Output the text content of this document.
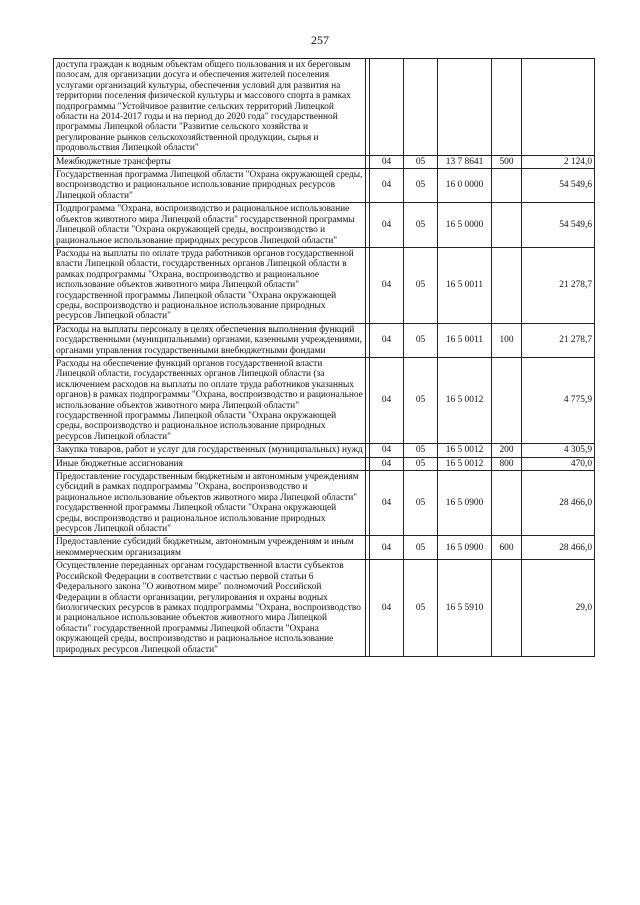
257
доступа граждан к водным объектам общего пользования и их береговым полосам, для организации досуга и обеспечения жителей поселения услугами организаций культуры, обеспечения условий для развития на территории поселения физической культуры и массового спорта в рамках подпрограммы "Устойчивое развитие сельских территорий Липецкой области на 2014-2017 годы и на период до 2020 года" государственной программы Липецкой области "Развитие сельского хозяйства и регулирование рынков сельскохозяйственной продукции, сырья и продовольствия Липецкой области"						
Межбюджетные трансферты		04	05	13 7 8641	500	2 124,0
Государственная программа Липецкой области "Охрана окружающей среды, воспроизводство и рациональное использование природных ресурсов Липецкой области"		04	05	16 0 0000		54 549,6
Подпрограмма "Охрана, воспроизводство и рациональное использование объектов животного мира Липецкой области" государственной программы Липецкой области "Охрана окружающей среды, воспроизводство и рациональное использование природных ресурсов Липецкой области"		04	05	16 5 0000		54 549,6
Расходы на выплаты по оплате труда работников органов государственной власти Липецкой области, государственных органов Липецкой области в рамках подпрограммы "Охрана, воспроизводство и рациональное использование объектов животного мира Липецкой области" государственной программы Липецкой области "Охрана окружающей среды, воспроизводство и рациональное использование природных ресурсов Липецкой области"		04	05	16 5 0011		21 278,7
Расходы на выплаты персоналу в целях обеспечения выполнения функций государственными (муниципальными) органами, казенными учреждениями, органами управления государственными внебюджетными фондами		04	05	16 5 0011	100	21 278,7
Расходы на обеспечение функций органов государственной власти Липецкой области, государственных органов Липецкой области (за исключением расходов на выплаты по оплате труда работников указанных органов) в рамках подпрограммы "Охрана, воспроизводство и рациональное использование объектов животного мира Липецкой области" государственной программы Липецкой области "Охрана окружающей среды, воспроизводство и рациональное использование природных ресурсов Липецкой области"		04	05	16 5 0012		4 775,9
Закупка товаров, работ и услуг для государственных (муниципальных) нужд		04	05	16 5 0012	200	4 305,9
Иные бюджетные ассигнования		04	05	16 5 0012	800	470,0
Предоставление государственным бюджетным и автономным учреждениям субсидий в рамках подпрограммы "Охрана, воспроизводство и рациональное использование объектов животного мира Липецкой области" государственной программы Липецкой области "Охрана окружающей среды, воспроизводство и рациональное использование природных ресурсов Липецкой области"		04	05	16 5 0900		28 466,0
Предоставление субсидий бюджетным, автономным учреждениям и иным некоммерческим организациям		04	05	16 5 0900	600	28 466,0
Осуществление переданных органам государственной власти субъектов Российской Федерации в соответствии с частью первой статьи 6 Федерального закона "О животном мире" полномочий Российской Федерации в области организации, регулирования и охраны водных биологических ресурсов в рамках подпрограммы "Охрана, воспроизводство и рациональное использование объектов животного мира Липецкой области" государственной программы Липецкой области "Охрана окружающей среды, воспроизводство и рациональное использование природных ресурсов Липецкой области"		04	05	16 5 5910		29,0
